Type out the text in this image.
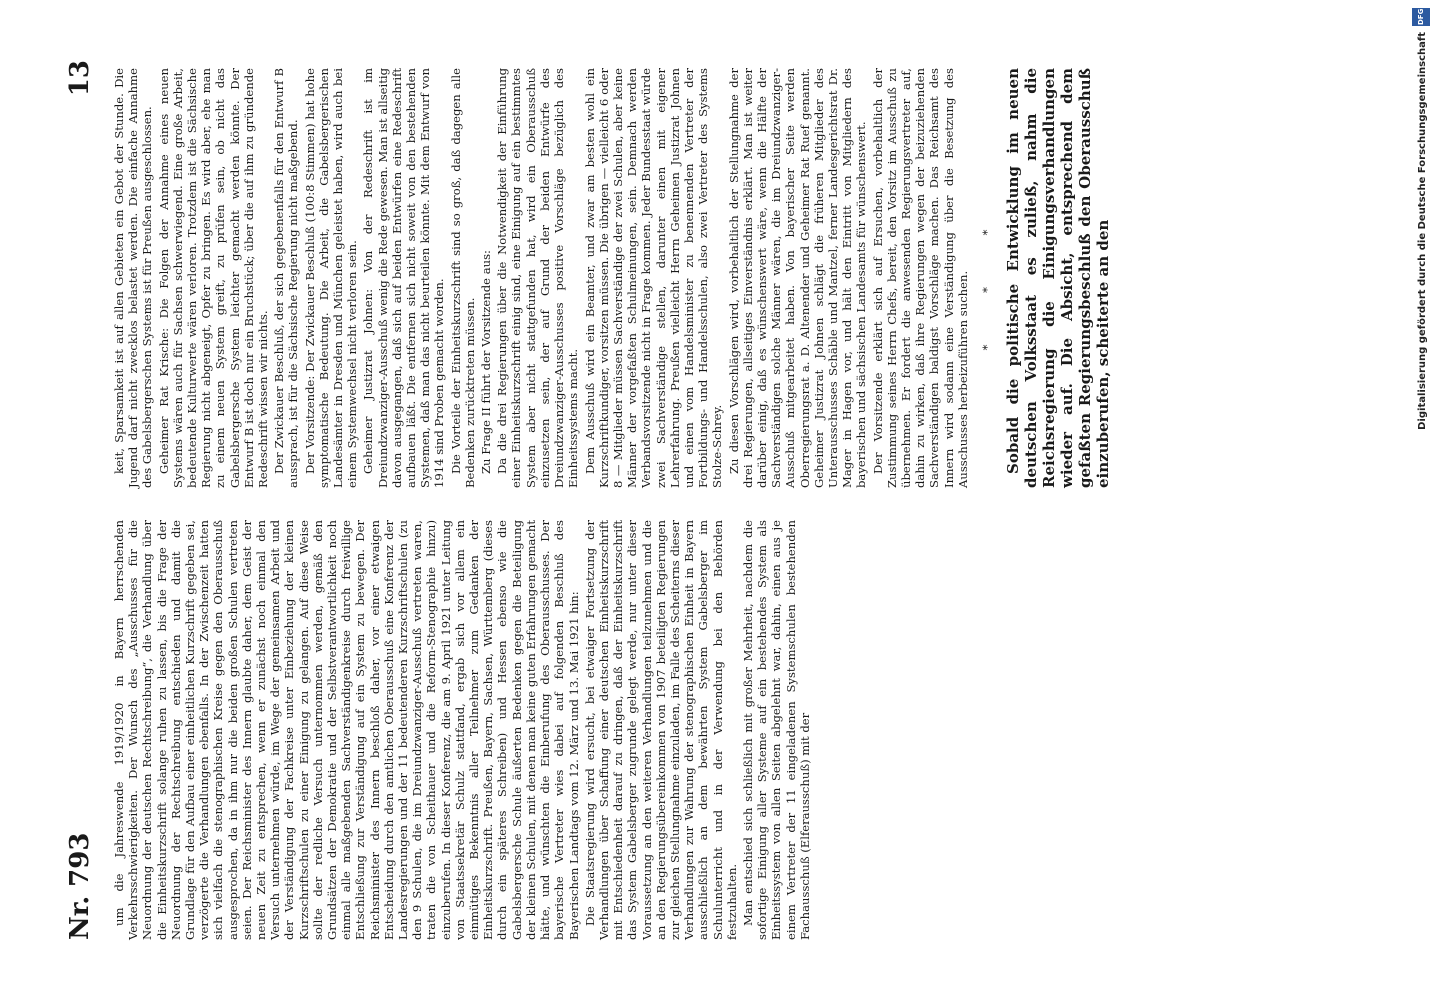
Nr. 793
13 keit, Sparsamkeit ist auf allen Gebieten ein Gebot der Stunde. Die Jugend darf nicht zwecklos belastet werden. Die einfache Annahme des Gabelsbergerschen Systems ist für Preußen ausgeschlossen. Geheimer Rat Krische: Die Folgen der Annahme eines neuen Systems wären auch für Sachsen schwerwiegend. Eine große Arbeit, bedeutende Kulturwerte wären verloren. Trotzdem ist die Sächsische Regierung nicht abgeneigt, Opfer zu bringen. Es wird aber, ehe man zu einem neuen System greift, zu prüfen sein, ob nicht das Gabelsbergersche System leichter gemacht werden könnte. Der Entwurf B ist doch nur ein Bruchstück; über die auf ihm zu gründende Redeschrift wissen wir nichts. Der Zwickauer Beschluß, der sich gegebenenfalls für den Entwurf B aussprach, ist für die Sächsische Regierung nicht maßgebend. Der Vorsitzende: Der Zwickauer Beschluß (100:8 Stimmen) hat hohe symptomatische Bedeutung. Die Arbeit, die Gabelsbergerischen Landesämter in Dresden und München geleistet haben, wird auch bei einem Systemwechsel nicht verloren sein. Geheimer Justizrat Johnen: Von der Redeschrift ist im Dreiundzwanziger-Ausschuß wenig die Rede gewesen. Man ist allseitig davon ausgegangen, daß sich auf beiden Entwürfen eine Redeschrift aufbauen läßt. Die entfernen sich nicht soweit von den bestehenden Systemen, daß man das nicht beurteilen könnte. Mit dem Entwurf von 1914 sind Proben gemacht worden. Die Vorteile der Einheitskurzschrift sind so groß, daß dagegen alle Bedenken zurücktreten müssen. Zu Frage II führt der Vorsitzende aus: Da die drei Regierungen über die Notwendigkeit der Einführung einer Einheitskurzschrift einig sind, eine Einigung auf ein bestimmtes System aber nicht stattgefunden hat, wird ein Oberausschuß einzusetzen sein, der auf Grund der beiden Entwürfe des Dreiundzwanziger-Ausschusses positive Vorschläge bezüglich des Einheitssystems macht. Dem Ausschuß wird ein Beamter, und zwar am besten wohl ein Kurzschriftkundiger, vorsitzen müssen. Die übrigen — vielleicht 6 oder 8 — Mitglieder müssen Sachverständige der zwei Schulen, aber keine Männer der vorgefaßten Schulmeinungen, sein. Demnach werden Verbandsvorsitzende nicht in Frage kommen. Jeder Bundesstaat würde zwei Sachverständige stellen, darunter einen mit eigener Lehrerfahrung. Preußen vielleicht Herrn Geheimen Justizrat Johnen und einen vom Handelsminister zu benennenden Vertreter der Fortbildungs- und Handelsschulen, also zwei Vertreter des Systems Stolze-Schrey. Zu diesen Vorschlägen wird, vorbehaltlich der Stellungnahme der drei Regierungen, allseitiges Einverständnis erklärt. Man ist weiter darüber einig, daß es wünschenswert wäre, wenn die Hälfte der Sachverständigen solche Männer wären, die im Dreiundzwanziger-Ausschuß mitgearbeitet haben. Von bayerischer Seite werden Oberregierungsrat a. D. Altenender und Geheimer Rat Ruef genannt. Geheimer Justizrat Johnen schlägt die früheren Mitglieder des Unterausschusses Schäble und Mantzel, ferner Landesgerichtsrat Dr. Mager in Hagen vor, und hält den Eintritt von Mitgliedern des bayerischen und sächsischen Landesamts für wünschenswert. Der Vorsitzende erklärt sich auf Ersuchen, vorbehaltlich der Zustimmung seines Herrn Chefs, bereit, den Vorsitz im Ausschuß zu übernehmen. Er fordert die anwesenden Regierungsvertreter auf, dahin zu wirken, daß ihre Regierungen wegen der beizuziehenden Sachverständigen baldigst Vorschläge machen. Das Reichsamt des Innern wird sodann eine Verständigung über die Besetzung des Ausschusses herbeizuführen suchen. * * * Sobald die politische Entwicklung im neuen deutschen Volksstaat es zuließ, nahm die Reichsregierung die Einigungsverhandlungen wieder auf. Die Absicht, entsprechend dem gefaßten Regierungsbeschluß den Oberausschuß einzuberufen, scheiterte an den

um die Jahreswende 1919/1920 in Bayern herrschenden Verkehrsschwierigkeiten. Der Wunsch des „Ausschusses für die Neuordnung der deutschen Rechtschreibung“, die Verhandlung über die Einheitskurzschrift solange ruhen zu lassen, bis die Frage der Neuordnung der Rechtschreibung entschieden und damit die Grundlage für den Aufbau einer einheitlichen Kurzschrift gegeben sei, verzögerte die Verhandlungen ebenfalls. In der Zwischenzeit hatten sich vielfach die stenographischen Kreise gegen den Oberausschuß ausgesprochen, da in ihm nur die beiden großen Schulen vertreten seien. Der Reichsminister des Innern glaubte daher, dem Geist der neuen Zeit zu entsprechen, wenn er zunächst noch einmal den Versuch unternehmen würde, im Wege der gemeinsamen Arbeit und der Verständigung der Fachkreise unter Einbeziehung der kleinen Kurzschriftschulen zu einer Einigung zu gelangen. Auf diese Weise sollte der redliche Versuch unternommen werden, gemäß den Grundsätzen der Demokratie und der Selbstverantwortlichkeit noch einmal alle maßgebenden Sachverständigenkreise durch freiwillige Entschließung zur Verständigung auf ein System zu bewegen. Der Reichsminister des Innern beschloß daher, vor einer etwaigen Entscheidung durch den amtlichen Oberausschuß eine Konferenz der Landesregierungen und der 11 bedeutenderen Kurzschriftschulen (zu den 9 Schulen, die im Dreiundzwanziger-Ausschuß vertreten waren, traten die von Scheithauer und die Reform-Stenographie hinzu) einzuberufen. In dieser Konferenz, die am 9. April 1921 unter Leitung von Staatssekretär Schulz stattfand, ergab sich vor allem ein einmütiges Bekenntnis aller Teilnehmer zum Gedanken der Einheitskurzschrift. Preußen, Bayern, Sachsen, Württemberg (dieses durch ein späteres Schreiben) und Hessen ebenso wie die Gabelsbergersche Schule äußerten Bedenken gegen die Beteiligung der kleinen Schulen, mit denen man keine guten Erfahrungen gemacht hätte, und wünschten die Einberufung des Oberausschusses. Der bayerische Vertreter wies dabei auf folgenden Beschluß des Bayerischen Landtags vom 12. März und 13. Mai 1921 hin: Die Staatsregierung wird ersucht, bei etwaiger Fortsetzung der Verhandlungen über Schaffung einer deutschen Einheitskurzschrift mit Entschiedenheit darauf zu dringen, daß der Einheitskurzschrift das System Gabelsberger zugrunde gelegt werde, nur unter dieser Voraussetzung an den weiteren Verhandlungen teilzunehmen und die an den Regierungsübereinkommen von 1907 beteiligten Regierungen zur gleichen Stellungnahme einzuladen, im Falle des Scheiterns dieser Verhandlungen zur Wahrung der stenographischen Einheit in Bayern ausschließlich an dem bewährten System Gabelsberger im Schulunterricht und in der Verwendung bei den Behörden festzuhalten. Man entschied sich schließlich mit großer Mehrheit, nachdem die sofortige Einigung aller Systeme auf ein bestehendes System als Einheitssystem von allen Seiten abgelehnt war, dahin, einen aus je einem Vertreter der 11 eingeladenen Systemschulen bestehenden Fachausschuß (Elferausschuß) mit der

DFG
Digitalisierung gefördert durch die Deutsche Forschungsgemeinschaft
